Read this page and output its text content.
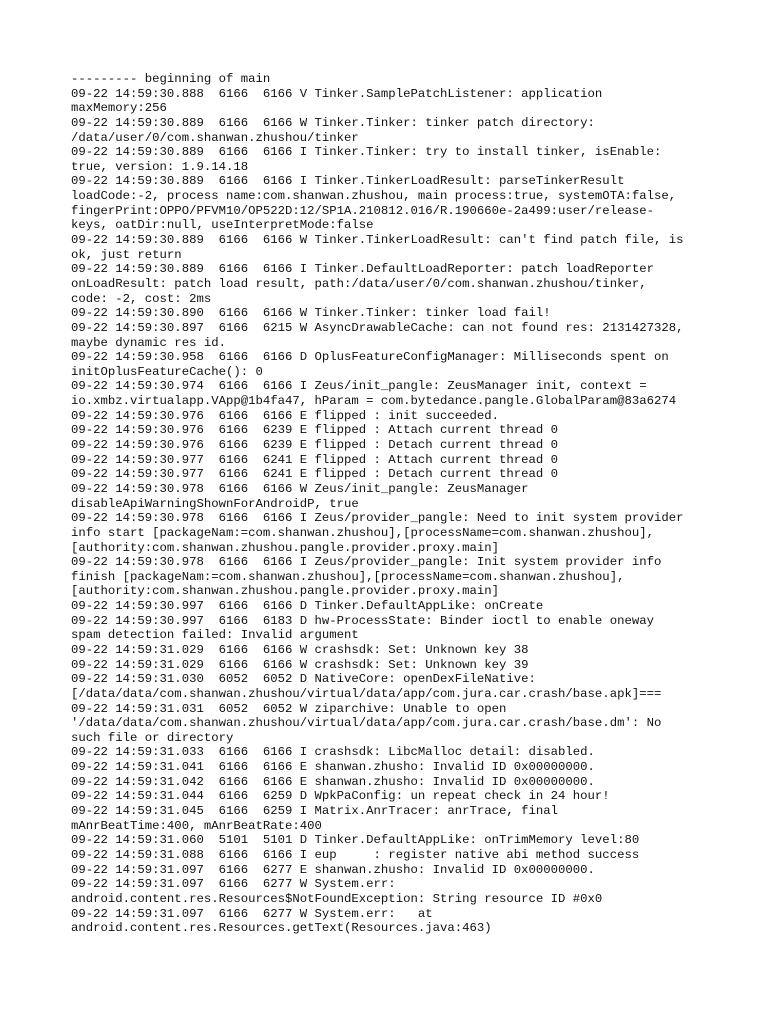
--------- beginning of main
09-22 14:59:30.888  6166  6166 V Tinker.SamplePatchListener: application
maxMemory:256
09-22 14:59:30.889  6166  6166 W Tinker.Tinker: tinker patch directory:
/data/user/0/com.shanwan.zhushou/tinker
09-22 14:59:30.889  6166  6166 I Tinker.Tinker: try to install tinker, isEnable:
true, version: 1.9.14.18
09-22 14:59:30.889  6166  6166 I Tinker.TinkerLoadResult: parseTinkerResult
loadCode:-2, process name:com.shanwan.zhushou, main process:true, systemOTA:false,
fingerPrint:OPPO/PFVM10/OP522D:12/SP1A.210812.016/R.190660e-2a499:user/release-
keys, oatDir:null, useInterpretMode:false
09-22 14:59:30.889  6166  6166 W Tinker.TinkerLoadResult: can't find patch file, is
ok, just return
09-22 14:59:30.889  6166  6166 I Tinker.DefaultLoadReporter: patch loadReporter
onLoadResult: patch load result, path:/data/user/0/com.shanwan.zhushou/tinker,
code: -2, cost: 2ms
09-22 14:59:30.890  6166  6166 W Tinker.Tinker: tinker load fail!
09-22 14:59:30.897  6166  6215 W AsyncDrawableCache: can not found res: 2131427328,
maybe dynamic res id.
09-22 14:59:30.958  6166  6166 D OplusFeatureConfigManager: Milliseconds spent on
initOplusFeatureCache(): 0
09-22 14:59:30.974  6166  6166 I Zeus/init_pangle: ZeusManager init, context =
io.xmbz.virtualapp.VApp@1b4fa47, hParam = com.bytedance.pangle.GlobalParam@83a6274
09-22 14:59:30.976  6166  6166 E flipped : init succeeded.
09-22 14:59:30.976  6166  6239 E flipped : Attach current thread 0
09-22 14:59:30.976  6166  6239 E flipped : Detach current thread 0
09-22 14:59:30.977  6166  6241 E flipped : Attach current thread 0
09-22 14:59:30.977  6166  6241 E flipped : Detach current thread 0
09-22 14:59:30.978  6166  6166 W Zeus/init_pangle: ZeusManager
disableApiWarningShownForAndroidP, true
09-22 14:59:30.978  6166  6166 I Zeus/provider_pangle: Need to init system provider
info start [packageNam:=com.shanwan.zhushou],[processName=com.shanwan.zhushou],
[authority:com.shanwan.zhushou.pangle.provider.proxy.main]
09-22 14:59:30.978  6166  6166 I Zeus/provider_pangle: Init system provider info
finish [packageNam:=com.shanwan.zhushou],[processName=com.shanwan.zhushou],
[authority:com.shanwan.zhushou.pangle.provider.proxy.main]
09-22 14:59:30.997  6166  6166 D Tinker.DefaultAppLike: onCreate
09-22 14:59:30.997  6166  6183 D hw-ProcessState: Binder ioctl to enable oneway
spam detection failed: Invalid argument
09-22 14:59:31.029  6166  6166 W crashsdk: Set: Unknown key 38
09-22 14:59:31.029  6166  6166 W crashsdk: Set: Unknown key 39
09-22 14:59:31.030  6052  6052 D NativeCore: openDexFileNative:
[/data/data/com.shanwan.zhushou/virtual/data/app/com.jura.car.crash/base.apk]===
09-22 14:59:31.031  6052  6052 W ziparchive: Unable to open
'/data/data/com.shanwan.zhushou/virtual/data/app/com.jura.car.crash/base.dm': No
such file or directory
09-22 14:59:31.033  6166  6166 I crashsdk: LibcMalloc detail: disabled.
09-22 14:59:31.041  6166  6166 E shanwan.zhusho: Invalid ID 0x00000000.
09-22 14:59:31.042  6166  6166 E shanwan.zhusho: Invalid ID 0x00000000.
09-22 14:59:31.044  6166  6259 D WpkPaConfig: un repeat check in 24 hour!
09-22 14:59:31.045  6166  6259 I Matrix.AnrTracer: anrTrace, final
mAnrBeatTime:400, mAnrBeatRate:400
09-22 14:59:31.060  5101  5101 D Tinker.DefaultAppLike: onTrimMemory level:80
09-22 14:59:31.088  6166  6166 I eup     : register native abi method success
09-22 14:59:31.097  6166  6277 E shanwan.zhusho: Invalid ID 0x00000000.
09-22 14:59:31.097  6166  6277 W System.err:
android.content.res.Resources$NotFoundException: String resource ID #0x0
09-22 14:59:31.097  6166  6277 W System.err:   at
android.content.res.Resources.getText(Resources.java:463)
